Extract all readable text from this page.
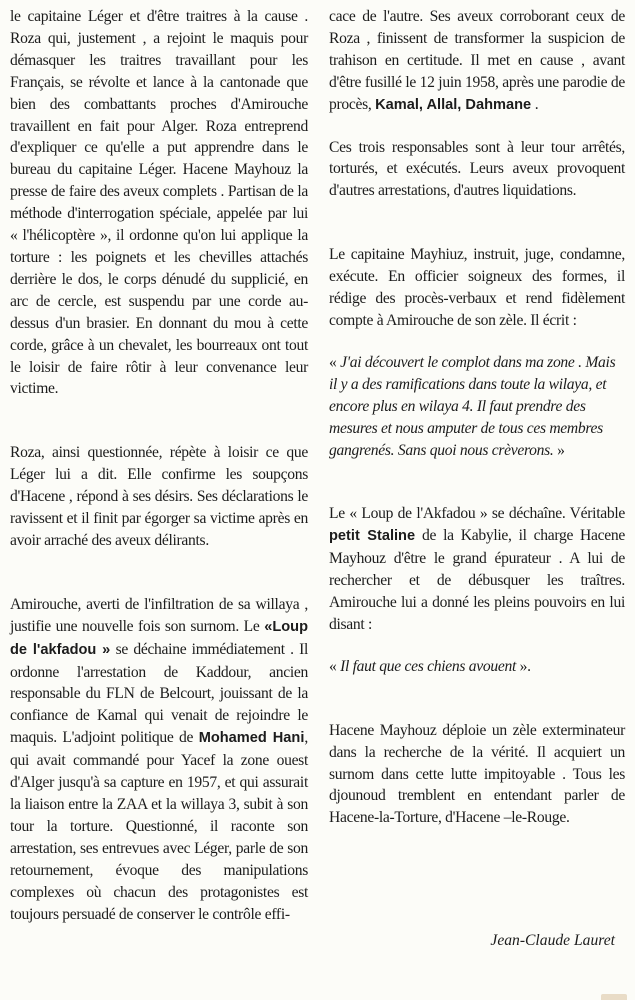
le capitaine Léger et d'être traitres à la cause . Roza qui, justement , a rejoint le maquis pour démasquer les traitres travaillant pour les Français, se révolte et lance à la cantonade que bien des combattants proches d'Amirouche travaillent en fait pour Alger. Roza entreprend d'expliquer ce qu'elle a put apprendre dans le bureau du capitaine Léger. Hacene Mayhouz la presse de faire des aveux complets . Partisan de la méthode d'interrogation spéciale, appelée par lui « l'hélicoptère », il ordonne qu'on lui applique la torture : les poignets et les chevilles attachés derrière le dos, le corps dénudé du supplicié, en arc de cercle, est suspendu par une corde au-dessus d'un brasier. En donnant du mou à cette corde, grâce à un chevalet, les bourreaux ont tout le loisir de faire rôtir à leur convenance leur victime.

Roza, ainsi questionnée, répète à loisir ce que Léger lui a dit. Elle confirme les soupçons d'Hacene , répond à ses désirs. Ses déclarations le ravissent et il finit par égorger sa victime après en avoir arraché des aveux délirants.

Amirouche, averti de l'infiltration de sa willaya , justifie une nouvelle fois son surnom. Le «Loup de l'akfadou » se déchaine immédiatement . Il ordonne l'arrestation de Kaddour, ancien responsable du FLN de Belcourt, jouissant de la confiance de Kamal qui venait de rejoindre le maquis. L'adjoint politique de Mohamed Hani, qui avait commandé pour Yacef la zone ouest d'Alger jusqu'à sa capture en 1957, et qui assurait la liaison entre la ZAA et la willaya 3, subit à son tour la torture. Questionné, il raconte son arrestation, ses entrevues avec Léger, parle de son retournement, évoque des manipulations complexes où chacun des protagonistes est toujours persuadé de conserver le contrôle effi-

cace de l'autre. Ses aveux corroborant ceux de Roza , finissent de transformer la suspicion de trahison en certitude. Il met en cause , avant d'être fusillé le 12 juin 1958, après une parodie de procès, Kamal, Allal, Dahmane .

Ces trois responsables sont à leur tour arrêtés, torturés, et exécutés. Leurs aveux provoquent d'autres arrestations, d'autres liquidations.

Le capitaine Mayhiuz, instruit, juge, condamne, exécute. En officier soigneux des formes, il rédige des procès-verbaux et rend fidèlement compte à Amirouche de son zèle. Il écrit :

« J'ai découvert le complot dans ma zone . Mais il y a des ramifications dans toute la wilaya, et encore plus en wilaya 4. Il faut prendre des mesures et nous amputer de tous ces membres gangrenés. Sans quoi nous crèverons. »

Le « Loup de l'Akfadou » se déchaîne. Véritable petit Staline de la Kabylie, il charge Hacene Mayhouz d'être le grand épurateur . A lui de rechercher et de débusquer les traîtres. Amirouche lui a donné les pleins pouvoirs en lui disant :

« Il faut que ces chiens avouent ».

Hacene Mayhouz déploie un zèle exterminateur dans la recherche de la vérité. Il acquiert un surnom dans cette lutte impitoyable . Tous les djounoud tremblent en entendant parler de Hacene-la-Torture, d'Hacene –le-Rouge.

Jean-Claude Lauret
